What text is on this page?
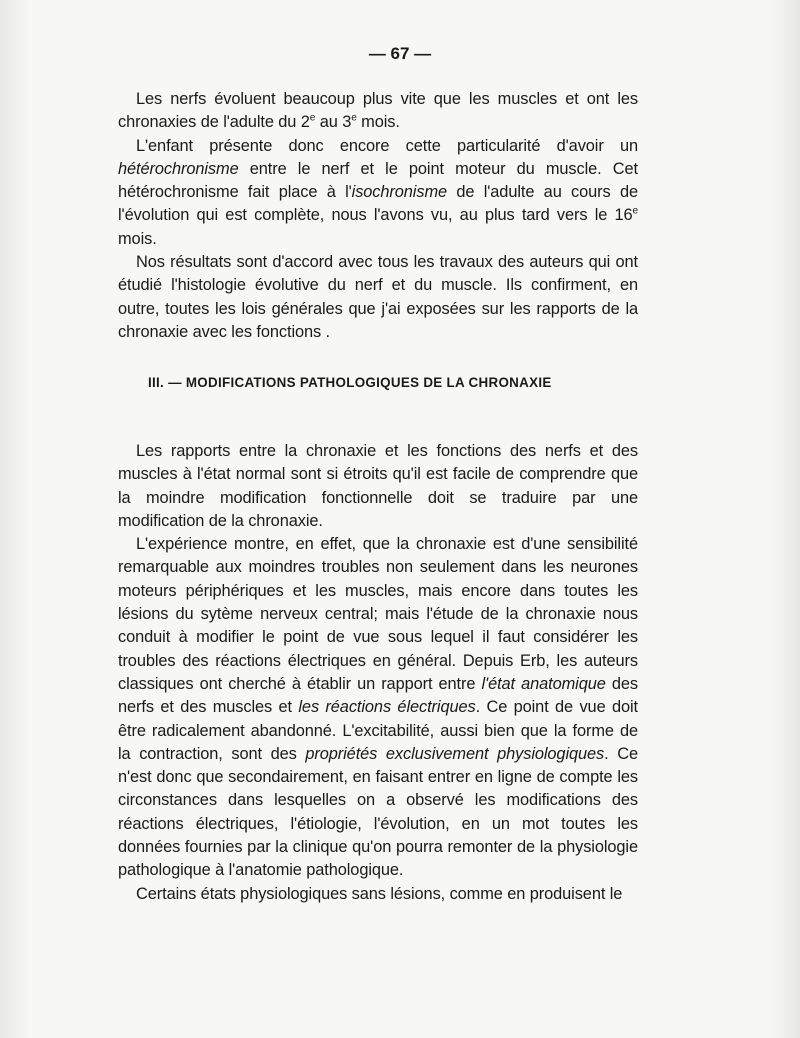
— 67 —

Les nerfs évoluent beaucoup plus vite que les muscles et ont les chronaxies de l'adulte du 2e au 3e mois.

L'enfant présente donc encore cette particularité d'avoir un hétérochronisme entre le nerf et le point moteur du muscle. Cet hétérochronisme fait place à l'isochronisme de l'adulte au cours de l'évolution qui est complète, nous l'avons vu, au plus tard vers le 16e mois.

Nos résultats sont d'accord avec tous les travaux des auteurs qui ont étudié l'histologie évolutive du nerf et du muscle. Ils confirment, en outre, toutes les lois générales que j'ai exposées sur les rapports de la chronaxie avec les fonctions .

III. — MODIFICATIONS PATHOLOGIQUES DE LA CHRONAXIE

Les rapports entre la chronaxie et les fonctions des nerfs et des muscles à l'état normal sont si étroits qu'il est facile de comprendre que la moindre modification fonctionnelle doit se traduire par une modification de la chronaxie.

L'expérience montre, en effet, que la chronaxie est d'une sensibilité remarquable aux moindres troubles non seulement dans les neurones moteurs périphériques et les muscles, mais encore dans toutes les lésions du sytème nerveux central; mais l'étude de la chronaxie nous conduit à modifier le point de vue sous lequel il faut considérer les troubles des réactions électriques en général. Depuis Erb, les auteurs classiques ont cherché à établir un rapport entre l'état anatomique des nerfs et des muscles et les réactions électriques. Ce point de vue doit être radicalement abandonné. L'excitabilité, aussi bien que la forme de la contraction, sont des propriétés exclusivement physiologiques. Ce n'est donc que secondairement, en faisant entrer en ligne de compte les circonstances dans lesquelles on a observé les modifications des réactions électriques, l'étiologie, l'évolution, en un mot toutes les données fournies par la clinique qu'on pourra remonter de la physiologie pathologique à l'anatomie pathologique.

Certains états physiologiques sans lésions, comme en produisent le
